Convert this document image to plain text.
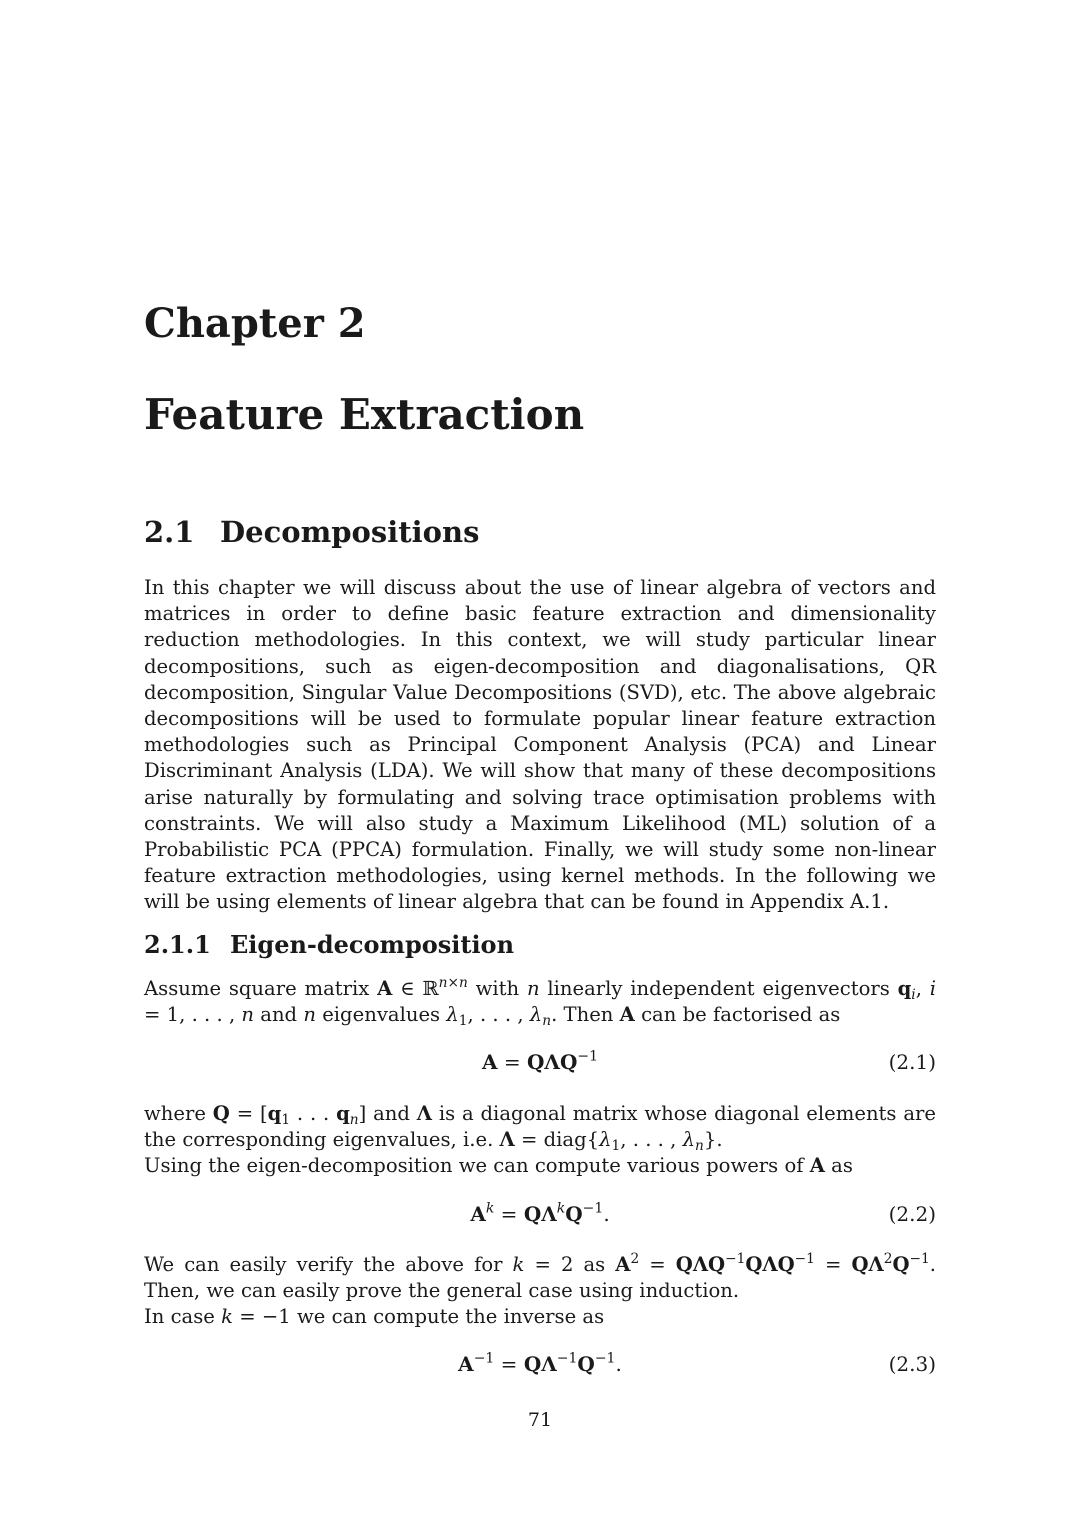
Chapter 2
Feature Extraction
2.1 Decompositions

In this chapter we will discuss about the use of linear algebra of vectors and matrices in order to define basic feature extraction and dimensionality reduction methodologies. In this context, we will study particular linear decompositions, such as eigen-decomposition and diagonalisations, QR decomposition, Singular Value Decompositions (SVD), etc. The above algebraic decompositions will be used to formulate popular linear feature extraction methodologies such as Principal Component Analysis (PCA) and Linear Discriminant Analysis (LDA). We will show that many of these decompositions arise naturally by formulating and solving trace optimisation problems with constraints. We will also study a Maximum Likelihood (ML) solution of a Probabilistic PCA (PPCA) formulation. Finally, we will study some non-linear feature extraction methodologies, using kernel methods. In the following we will be using elements of linear algebra that can be found in Appendix A.1.

2.1.1 Eigen-decomposition

Assume square matrix A ∈ ℝ$^{n\times n}$ with n linearly independent eigenvectors $q_i$, i = 1, . . . , n and n eigenvalues $\lambda_1$, . . . , $\lambda_n$. Then A can be factorised as

$A = Q\Lambda Q^{-1}$	(2.1)

where $Q = [q_1$ . . . $q_n$] and Λ is a diagonal matrix whose diagonal elements are the corresponding eigenvalues, i.e. $\Lambda = diag\{\lambda_1$, . . . , $\lambda_n$}.
Using the eigen-decomposition we can compute various powers of A as

$A^k = Q\Lambda^kQ^{-1}$.	(2.2)

We can easily verify the above for k = 2 as $A^2 = Q\Lambda Q^{-1}Q\Lambda Q^{-1} = Q\Lambda^2Q^{-1}$. Then, we can easily prove the general case using induction.
In case k = −1 we can compute the inverse as

$A^{-1} = Q\Lambda^{-1}Q^{-1}$.	(2.3)
71
